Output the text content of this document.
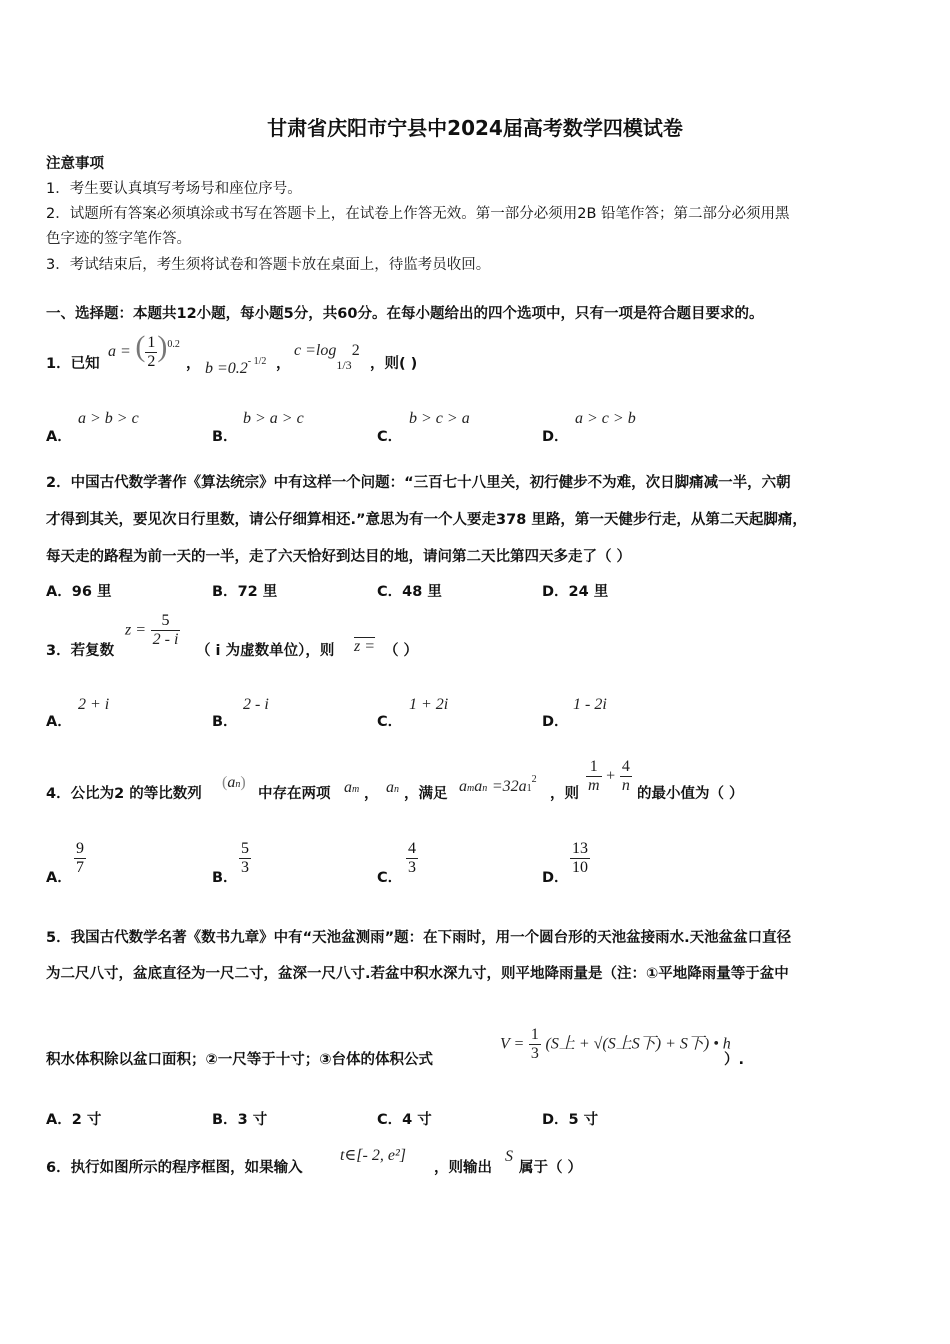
甘肃省庆阳市宁县中2024届高考数学四模试卷
注意事项
1．考生要认真填写考场号和座位序号。
2．试题所有答案必须填涂或书写在答题卡上，在试卷上作答无效。第一部分必须用2B 铅笔作答；第二部分必须用黑
色字迹的签字笔作答。
3．考试结束后，考生须将试卷和答题卡放在桌面上，待监考员收回。
一、选择题：本题共12小题，每小题5分，共60分。在每小题给出的四个选项中，只有一项是符合题目要求的。
1．已知
a = ( $\frac{1}{2} )^{0.2}$
， $b =0.2^{- 1/2}$ ，
$c =\log_{1/3}2$
，则( )
A．
a > b > c
B．
b > a > c
C．
b > c > a
D．
a > c > b
2．中国古代数学著作《算法统宗》中有这样一个问题：“三百七十八里关，初行健步不为难，次日脚痛减一半，六朝
才得到其关，要见次日行里数，请公仔细算相还.”意思为有一个人要走378 里路，第一天健步行走，从第二天起脚痛，
每天走的路程为前一天的一半，走了六天恰好到达目的地，请问第二天比第四天多走了（ ）
A．96 里	B．72 里	C．48 里	D．24 里
3．若复数
$z = \frac{5}{2 - i}$
（ i 为虚数单位），则 z = （ ）
A．
2 + i
B．
2 - i
C．
1 + 2i
D．
1 - 2i
4．公比为2 的等比数列
(an)
中存在两项 am ， an ，满足 aman $=32a1^2$
，则 $\frac{1}{m} + \frac{4}{n}$ 的最小值为（ ）
A．
$\frac{9}{7}$
B．
$\frac{5}{3}$
C．
$\frac{4}{3}$
D．
$\frac{13}{10}$
5．我国古代数学名著《数书九章》中有“天池盆测雨”题：在下雨时，用一个圆台形的天池盆接雨水.天池盆盆口直径
为二尺八寸，盆底直径为一尺二寸，盆深一尺八寸.若盆中积水深九寸，则平地降雨量是（注：①平地降雨量等于盆中
积水体积除以盆口面积；②一尺等于十寸；③台体的体积公式
$V = \frac{1}{3} (S$上 + √(S上S下) + S下) • h
）.
A．2 寸	B．3 寸	C．4 寸	D．5 寸
6．执行如图所示的程序框图，如果输入
t∈[- 2, e²]
，则输出
S
属于（ ）
